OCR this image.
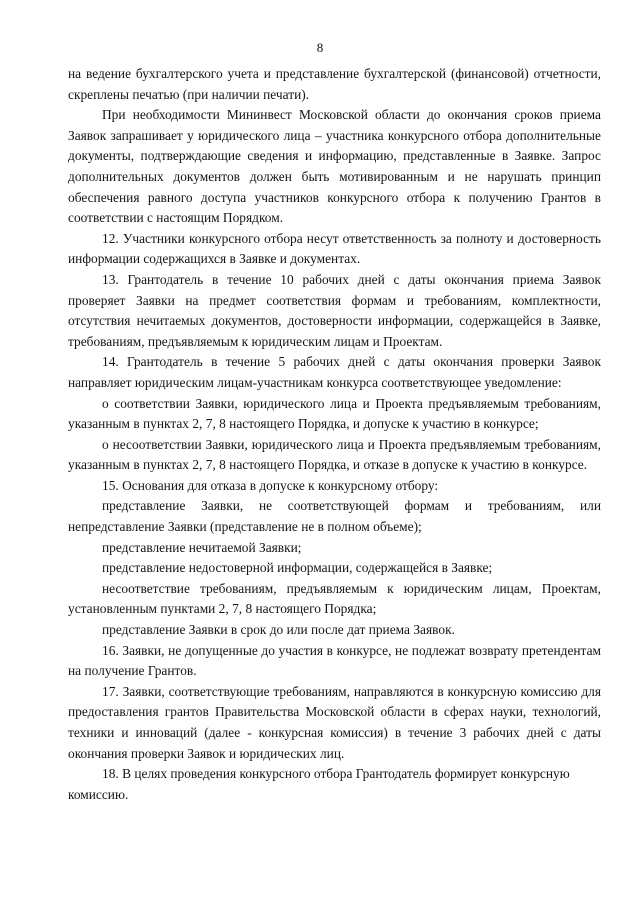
8

на ведение бухгалтерского учета и представление бухгалтерской (финансовой) отчетности, скреплены печатью (при наличии печати).

При необходимости Мининвест Московской области до окончания сроков приема Заявок запрашивает у юридического лица – участника конкурсного отбора дополнительные документы, подтверждающие сведения и информацию, представленные в Заявке. Запрос дополнительных документов должен быть мотивированным и не нарушать принцип обеспечения равного доступа участников конкурсного отбора к получению Грантов в соответствии с настоящим Порядком.

12. Участники конкурсного отбора несут ответственность за полноту и достоверность информации содержащихся в Заявке и документах.

13. Грантодатель в течение 10 рабочих дней с даты окончания приема Заявок проверяет Заявки на предмет соответствия формам и требованиям, комплектности, отсутствия нечитаемых документов, достоверности информации, содержащейся в Заявке, требованиям, предъявляемым к юридическим лицам и Проектам.

14. Грантодатель в течение 5 рабочих дней с даты окончания проверки Заявок направляет юридическим лицам-участникам конкурса соответствующее уведомление:

о соответствии Заявки, юридического лица и Проекта предъявляемым требованиям, указанным в пунктах 2, 7, 8 настоящего Порядка, и допуске к участию в конкурсе;

о несоответствии Заявки, юридического лица и Проекта предъявляемым требованиям, указанным в пунктах 2, 7, 8 настоящего Порядка, и отказе в допуске к участию в конкурсе.

15. Основания для отказа в допуске к конкурсному отбору:

представление Заявки, не соответствующей формам и требованиям, или непредставление Заявки (представление не в полном объеме);

представление нечитаемой Заявки;

представление недостоверной информации, содержащейся в Заявке;

несоответствие требованиям, предъявляемым к юридическим лицам, Проектам, установленным пунктами 2, 7, 8 настоящего Порядка;

представление Заявки в срок до или после дат приема Заявок.

16. Заявки, не допущенные до участия в конкурсе, не подлежат возврату претендентам на получение Грантов.

17. Заявки, соответствующие требованиям, направляются в конкурсную комиссию для предоставления грантов Правительства Московской области в сферах науки, технологий, техники и инноваций (далее - конкурсная комиссия) в течение 3 рабочих дней с даты окончания проверки Заявок и юридических лиц.

18. В целях проведения конкурсного отбора Грантодатель формирует конкурсную комиссию.
